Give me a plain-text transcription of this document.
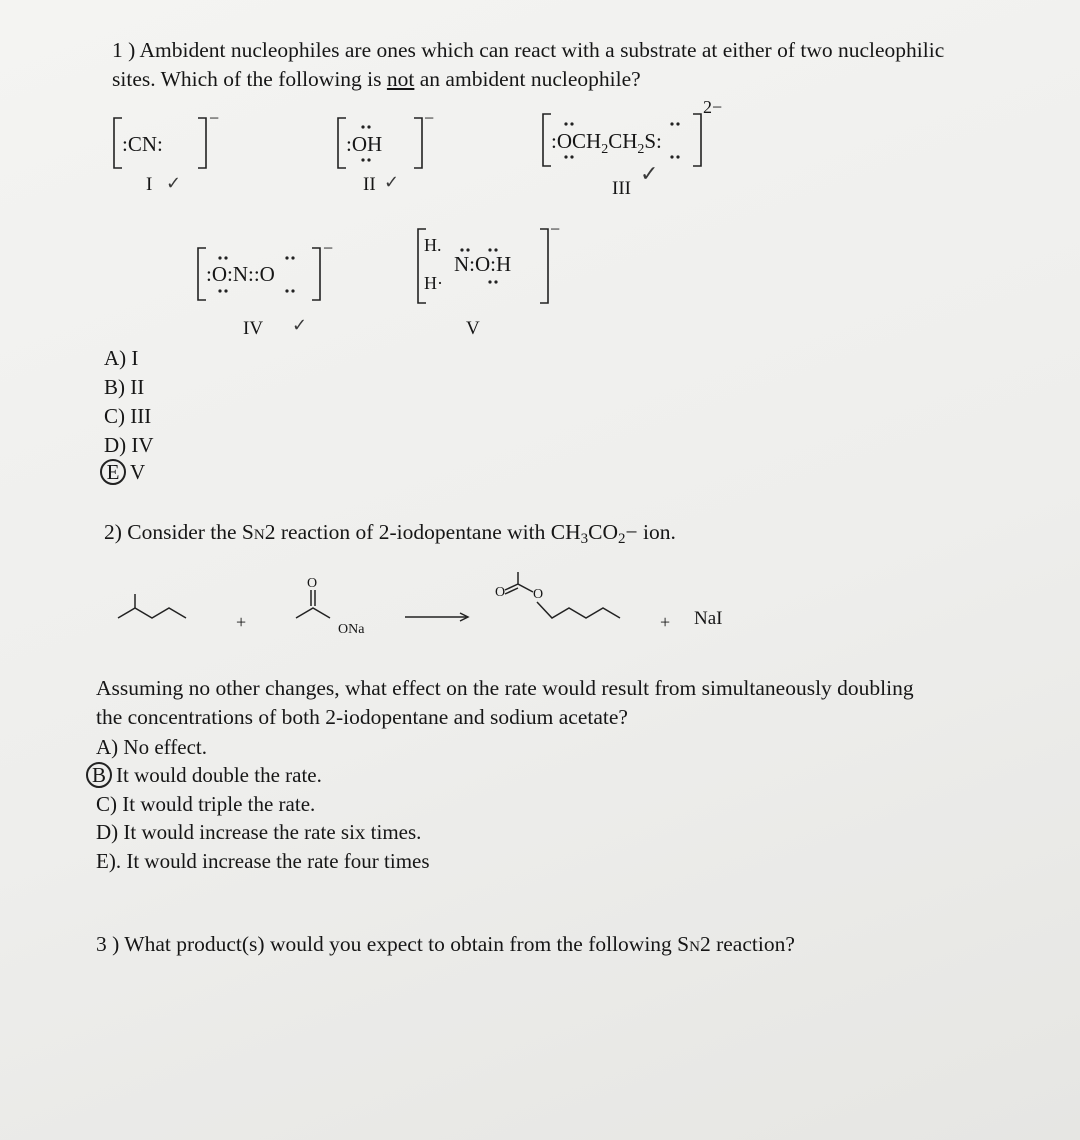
1 ) Ambident nucleophiles are ones which can react with a substrate at either of two nucleophilic
sites. Which of the following is not an ambident nucleophile?
:CN:
−
I ✓
:OH
−
II ✓
$:OCH_2CH_2S$:
2−
III
✓
:O:N::O
−
IV ✓
H.
H·
N:O:H
−
V
A) I
B) II
C) III
D) IV
E V
2) Consider the SN2 reaction of 2-iodopentane with CH3CO2− ion.
+
O
ONa
O O
+ NaI
Assuming no other changes, what effect on the rate would result from simultaneously doubling
the concentrations of both 2-iodopentane and sodium acetate?
A) No effect.
B It would double the rate.
C) It would triple the rate.
D) It would increase the rate six times.
E). It would increase the rate four times
3 ) What product(s) would you expect to obtain from the following SN2 reaction?
